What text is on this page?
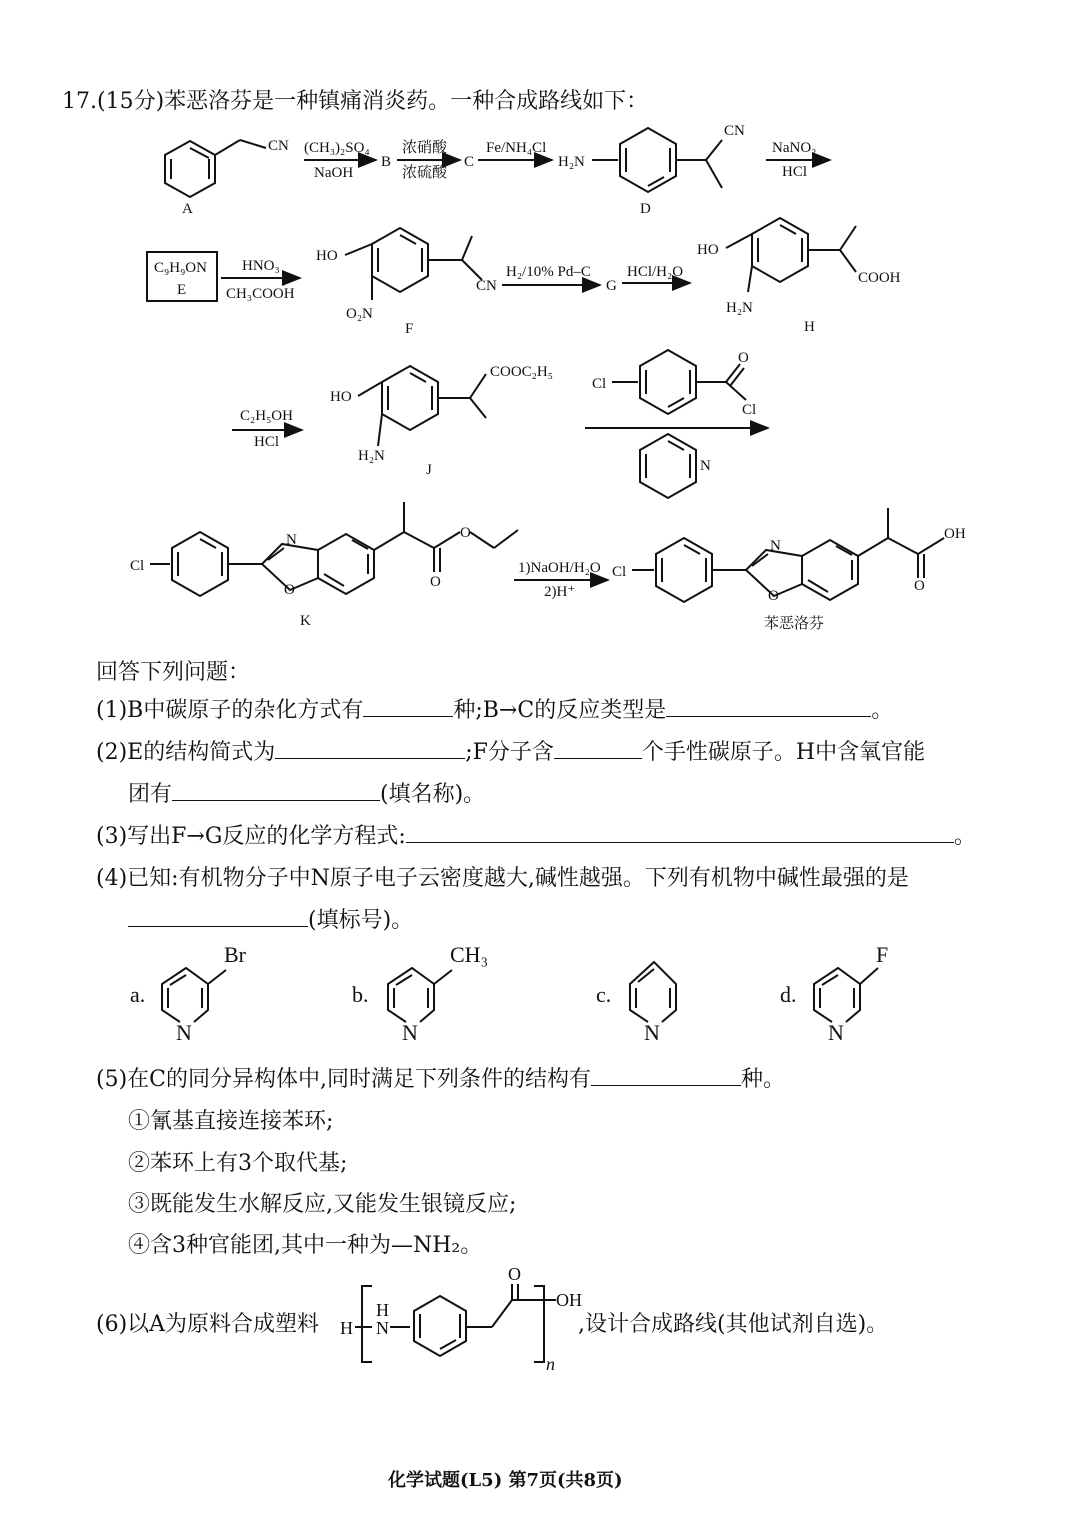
17.(15分)苯恶洛芬是一种镇痛消炎药。一种合成路线如下：
A
CN (CH₃)₂SO₄
NaOH
B
浓硝酸
浓硫酸
C
Fe/NH₄Cl
H₂N
CN
D
NaNO₂
HCl
C₉H₉ON
E
HNO₃
CH₃COOH
HO
O₂N
CN
F
H₂/10% Pd–C
G
HCl/H₂O
HO
H₂N
COOH
H
C₂H₅OH
HCl
HO
H₂N
COOC₂H₅
J
Cl
O
Cl
N
Cl
N
O
O
O
K
1)NaOH/H₂O
2)H⁺
Cl
N
O
OH
O
苯恶洛芬
回答下列问题：
(1)B中碳原子的杂化方式有	种;B→C的反应类型是	。
(2)E的结构简式为	;F分子含	个手性碳原子。H中含氧官能
团有	(填名称)。
(3)写出F→G反应的化学方程式:	。
(4)已知:有机物分子中N原子电子云密度越大,碱性越强。下列有机物中碱性最强的是
(填标号)。
a.	b.	c.	d.
Br	CH₃	F
N	N	N	N
(5)在C的同分异构体中,同时满足下列条件的结构有	种。
①氰基直接连接苯环;
②苯环上有3个取代基;
③既能发生水解反应,又能发生银镜反应;
④含3种官能团,其中一种为—NH₂。
(6)以A为原料合成塑料 H
H
N
O
OH
n
,设计合成路线(其他试剂自选)。
化学试题(L5) 第7页(共8页)
